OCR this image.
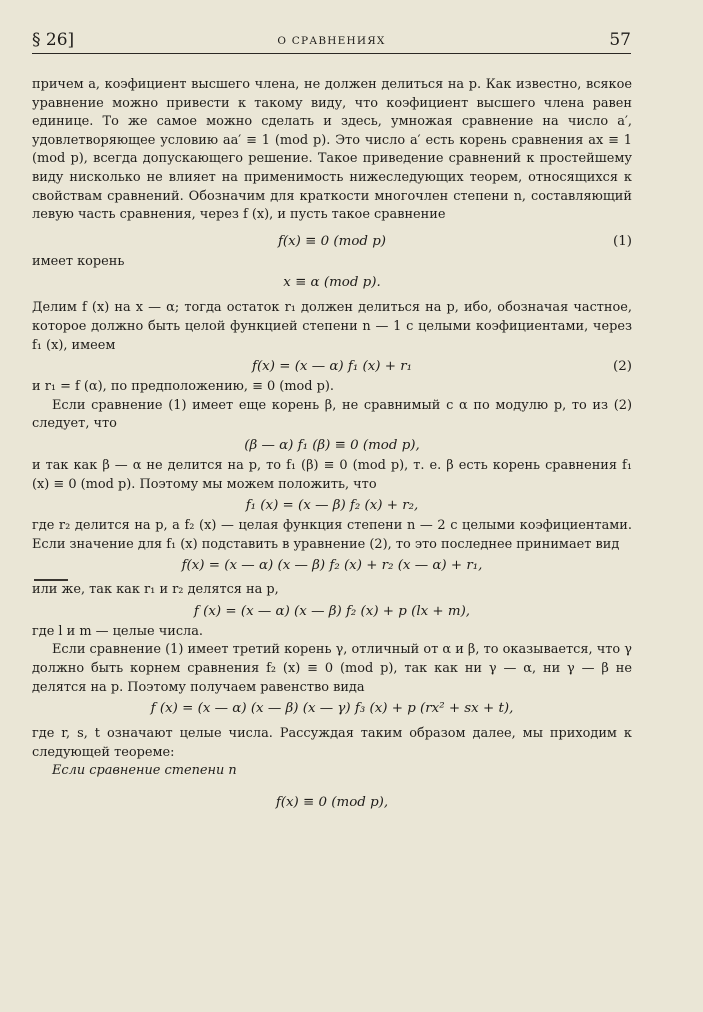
§ 26]	О СРАВНЕНИЯХ	57

причем a, коэфициент высшего члена, не должен делиться на p. Как известно, всякое уравнение можно привести к такому виду, что коэфициент высшего члена равен единице. То же самое можно сделать и здесь, умножая сравнение на число a′, удовлетворяющее условию aa′ ≡ 1 (mod p). Это число a′ есть корень сравнения ax ≡ 1 (mod p), всегда допускающего решение. Такое приведение сравнений к простейшему виду нисколько не влияет на применимость нижеследующих теорем, относящихся к свойствам сравнений. Обозначим для краткости многочлен степени n, составляющий левую часть сравнения, через f (x), и пусть такое сравнение

f(x) ≡ 0 (mod p)	(1)

имеет корень

x ≡ α (mod p).

Делим f (x) на x — α; тогда остаток r₁ должен делиться на p, ибо, обозначая частное, которое должно быть целой функцией степени n — 1 с целыми коэфициентами, через f₁ (x), имеем

f(x) = (x — α) f₁ (x) + r₁	(2)

и r₁ = f (α), по предположению, ≡ 0 (mod p).

Если сравнение (1) имеет еще корень β, не сравнимый с α по модулю p, то из (2) следует, что

(β — α) f₁ (β) ≡ 0 (mod p),

и так как β — α не делится на p, то f₁ (β) ≡ 0 (mod p), т. е. β есть корень сравнения f₁ (x) ≡ 0 (mod p). Поэтому мы можем положить, что

f₁ (x) = (x — β) f₂ (x) + r₂,

где r₂ делится на p, а f₂ (x) — целая функция степени n — 2 с целыми коэфициентами. Если значение для f₁ (x) подставить в уравнение (2), то это последнее принимает вид

f(x) = (x — α) (x — β) f₂ (x) + r₂ (x — α) + r₁,

или же, так как r₁ и r₂ делятся на p,

f (x) = (x — α) (x — β) f₂ (x) + p (lx + m),

где l и m — целые числа.

Если сравнение (1) имеет третий корень γ, отличный от α и β, то оказывается, что γ должно быть корнем сравнения f₂ (x) ≡ 0 (mod p), так как ни γ — α, ни γ — β не делятся на p. Поэтому получаем равенство вида

f (x) = (x — α) (x — β) (x — γ) f₃ (x) + p (rx² + sx + t),

где r, s, t означают целые числа. Рассуждая таким образом далее, мы приходим к следующей теореме:

Если сравнение степени n

f(x) ≡ 0 (mod p),
